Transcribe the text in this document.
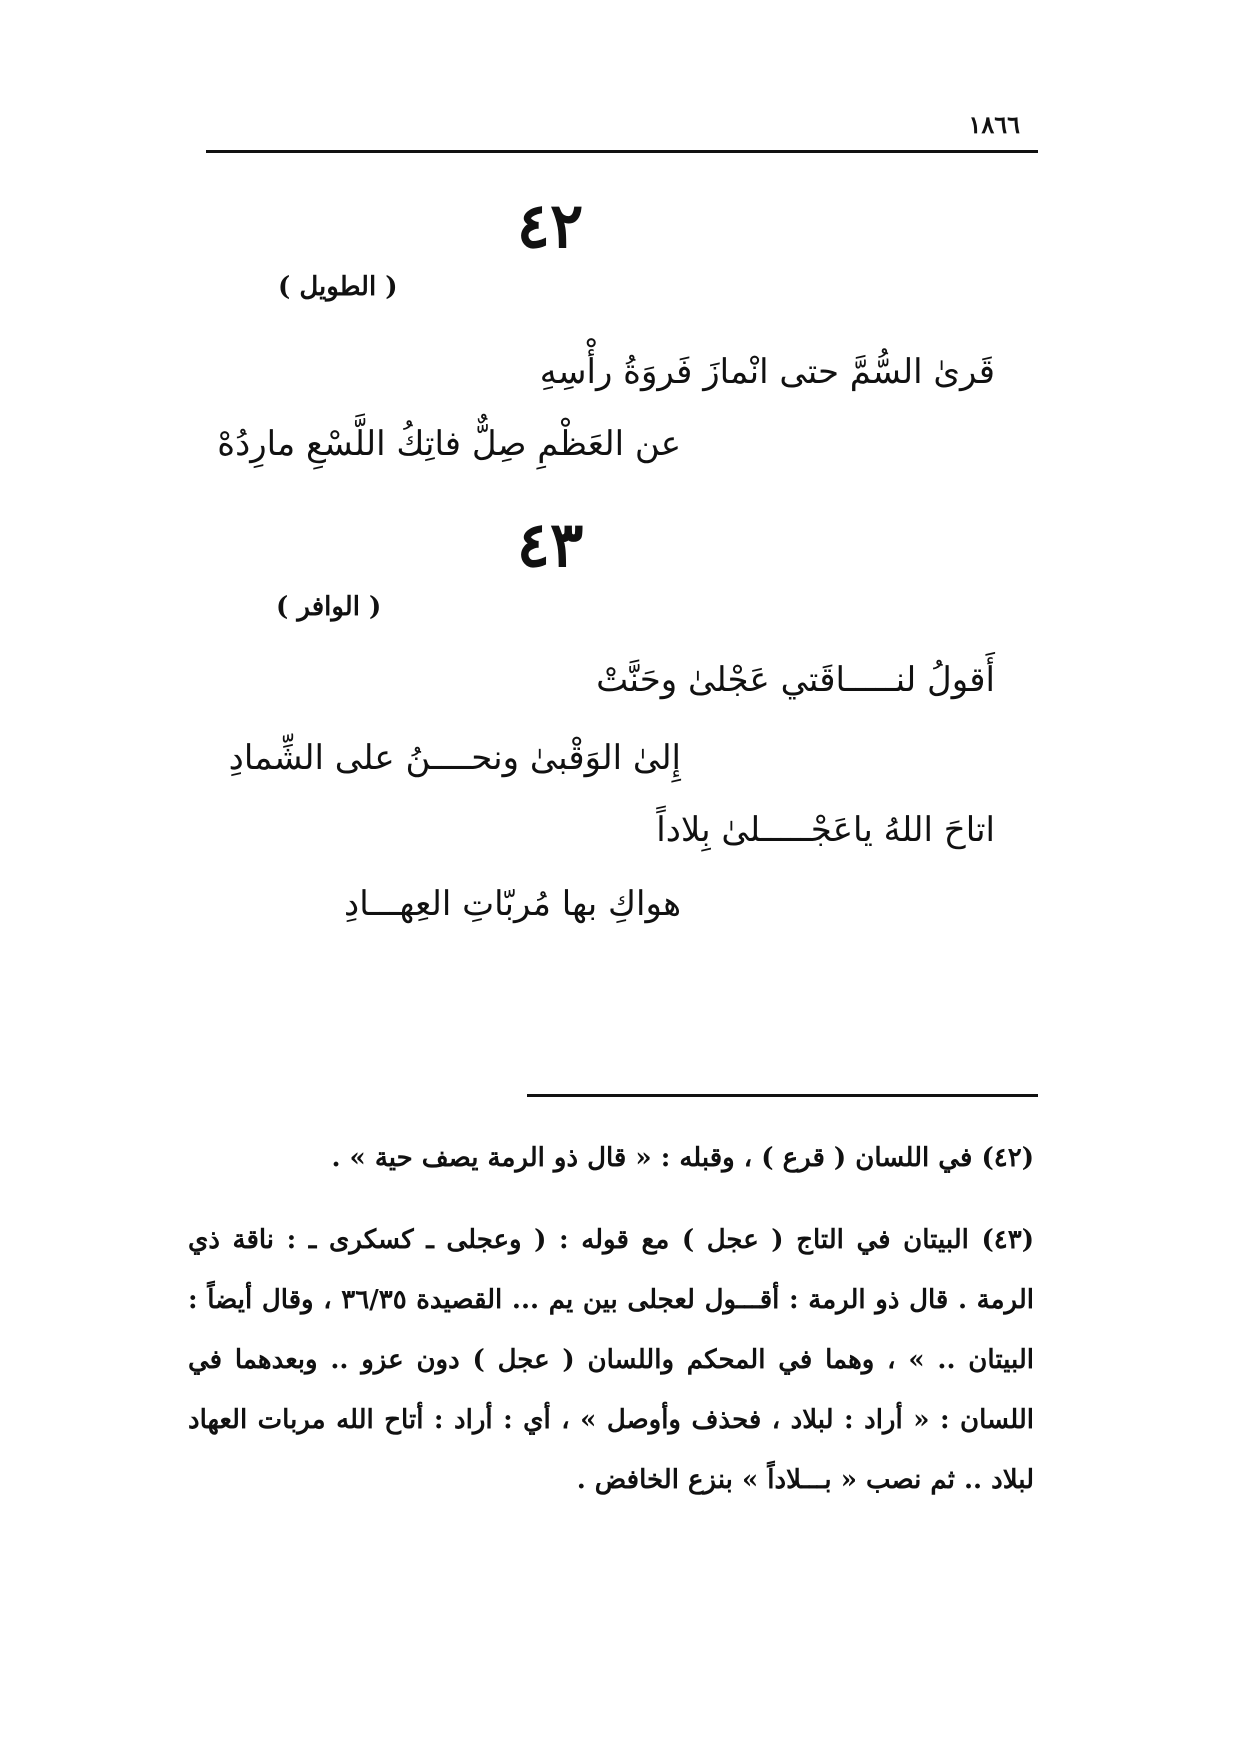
١٨٦٦
٤٢
( الطويل )
قَرىٰ السُّمَّ حتى انْمازَ فَروَةُ رأْسِهِ
عن العَظْمِ صِلٌّ فاتِكُ اللَّسْعِ مارِدُهْ
٤٣
( الوافر )
أَقولُ لنـــــاقَتي عَجْلىٰ وحَنَّتْ
إِلىٰ الوَقْبىٰ ونحــــنُ على الشِّمادِ
اتاحَ اللهُ ياعَجْـــــلىٰ بِلاداً
هواكِ بها مُربّاتِ العِهـــادِ

(٤٢) في اللسان ( قرع ) ، وقبله : « قال ذو الرمة يصف حية » .

(٤٣) البيتان في التاج ( عجل ) مع قوله : ( وعجلى ـ كسكرى ـ : ناقة ذي الرمة . قال ذو الرمة : أقـــول لعجلى بين يم ... القصيدة ٣٦/٣٥ ، وقال أيضاً : البيتان .. » ، وهما في المحكم واللسان ( عجل ) دون عزو .. وبعدهما في اللسان : « أراد : لبلاد ، فحذف وأوصل » ، أي : أراد : أتاح الله مربات العهاد لبلاد .. ثم نصب « بـــلاداً » بنزع الخافض .
